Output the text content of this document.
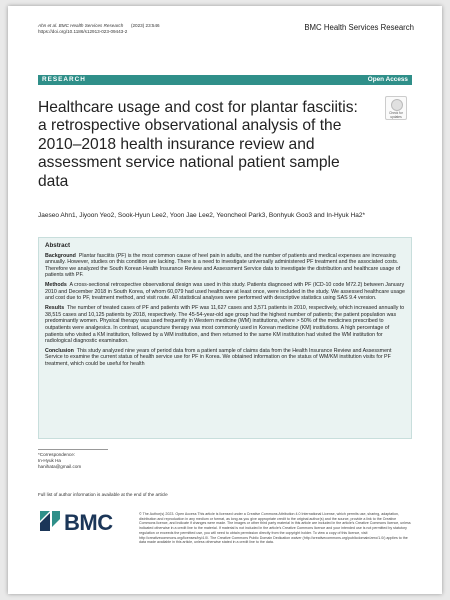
Ahn et al. BMC Health Services Research (2023) 23:546
https://doi.org/10.1186/s12913-023-09443-2	BMC Health Services Research
RESEARCH	Open Access
Healthcare usage and cost for plantar fasciitis: a retrospective observational analysis of the 2010–2018 health insurance review and assessment service national patient sample data
Check for updates
Jaeseo Ahn1, Jiyoon Yeo2, Sook-Hyun Lee2, Yoon Jae Lee2, Yeoncheol Park3, Bonhyuk Goo3 and In-Hyuk Ha2*
Abstract

Background Plantar fasciitis (PF) is the most common cause of heel pain in adults, and the number of patients and medical expenses are increasing annually. However, studies on this condition are lacking. There is a need to investigate universally administered PF treatment and the associated costs. Therefore we analyzed the South Korean Health Insurance Review and Assessment Service data to investigate the distribution and healthcare usage of patients with PF.

Methods A cross-sectional retrospective observational design was used in this study. Patients diagnosed with PF (ICD-10 code M72.2) between January 2010 and December 2018 in South Korea, of whom 60,079 had used healthcare at least once, were included in the study. We assessed healthcare usage and cost due to PF, treatment method, and visit route. All statistical analyses were performed with descriptive statistics using SAS 9.4 version.

Results The number of treated cases of PF and patients with PF was 11,627 cases and 3,571 patients in 2010, respectively, which increased annually to 38,515 cases and 10,125 patients by 2018, respectively. The 45-54-year-old age group had the highest number of patients; the patient population was predominantly women. Physical therapy was used frequently in Western medicine (WM) institutions, where > 50% of the medicines prescribed to outpatients were analgesics. In contrast, acupuncture therapy was most commonly used in Korean medicine (KM) institutions. A high percentage of patients who visited a KM institution, followed by a WM institution, and then returned to the same KM institution had visited the WM institution for radiological diagnostic examination.

Conclusion This study analyzed nine years of period data from a patient sample of claims data from the Health Insurance Review and Assessment Service to examine the current status of health service use for PF in Korea. We obtained information on the status of WM/KM institution visits for PF treatment, which could be useful for health

*Correspondence:
In-Hyuk Ha
hanihata@gmail.com
Full list of author information is available at the end of the article
BMC	© The Author(s) 2023. Open Access This article is licensed under a Creative Commons Attribution 4.0 International License, which permits use, sharing, adaptation, distribution and reproduction in any medium or format, as long as you give appropriate credit to the original author(s) and the source, provide a link to the Creative Commons licence, and indicate if changes were made. The images or other third party material in this article are included in the article's Creative Commons licence, unless indicated otherwise in a credit line to the material. If material is not included in the article's Creative Commons licence and your intended use is not permitted by statutory regulation or exceeds the permitted use, you will need to obtain permission directly from the copyright holder. To view a copy of this licence, visit http://creativecommons.org/licenses/by/4.0/. The Creative Commons Public Domain Dedication waiver (http://creativecommons.org/publicdomain/zero/1.0/) applies to the data made available in this article, unless otherwise stated in a credit line to the data.
